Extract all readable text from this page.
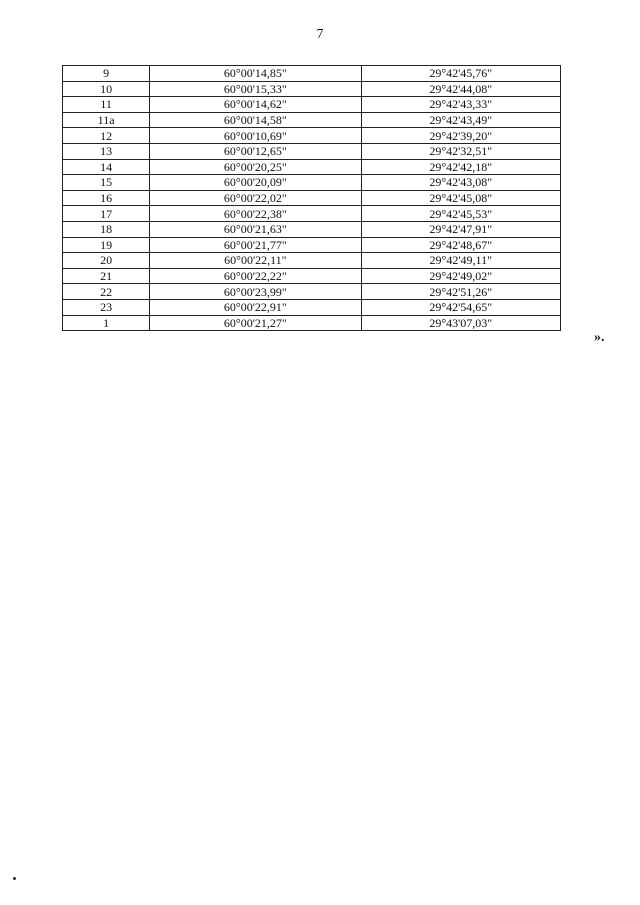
7
9	60°00'14,85"	29°42'45,76"
10	60°00'15,33"	29°42'44,08"
11	60°00'14,62"	29°42'43,33"
11а	60°00'14,58"	29°42'43,49"
12	60°00'10,69"	29°42'39,20"
13	60°00'12,65"	29°42'32,51"
14	60°00'20,25"	29°42'42,18"
15	60°00'20,09"	29°42'43,08"
16	60°00'22,02"	29°42'45,08"
17	60°00'22,38"	29°42'45,53"
18	60°00'21,63"	29°42'47,91"
19	60°00'21,77"	29°42'48,67"
20	60°00'22,11"	29°42'49,11"
21	60°00'22,22"	29°42'49,02"
22	60°00'23,99"	29°42'51,26"
23	60°00'22,91"	29°42'54,65"
1	60°00'21,27"	29°43'07,03"
».
